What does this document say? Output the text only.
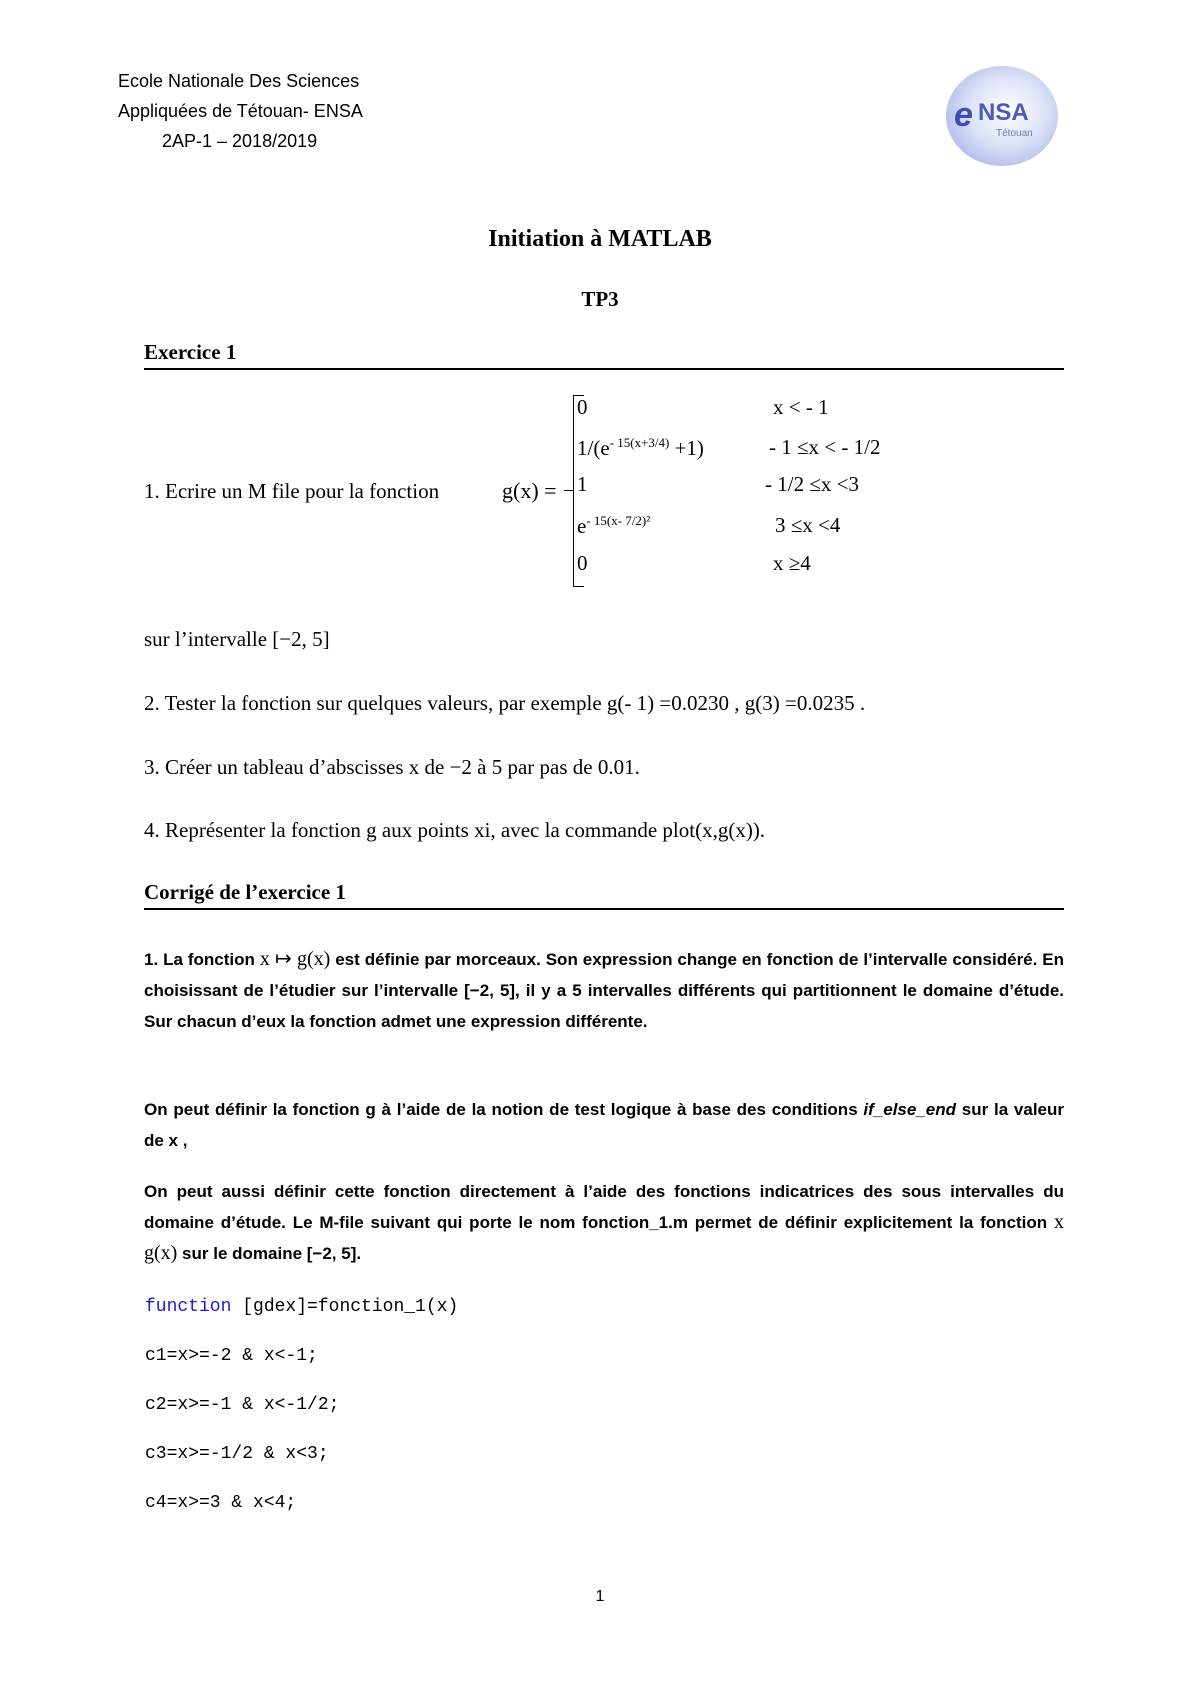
Ecole Nationale Des Sciences
Appliquées de Tétouan- ENSA
2AP-1 – 2018/2019
e NSA
Tétouan
Initiation à MATLAB
TP3
Exercice 1
1. Ecrire un M file pour la fonction	g(x) =
0	x < - 1
$1/(e^{- 15(x+3/4)} +1)$	- 1 ≤x < - 1/2
1	- 1/2 ≤x <3
$e^{- 15(x- 7/2)^2}$	3 ≤x <4
0	x ≥4
sur l’intervalle [−2, 5]
2. Tester la fonction sur quelques valeurs, par exemple g(- 1) =0.0230 , g(3) =0.0235 .
3. Créer un tableau d’abscisses x de −2 à 5 par pas de 0.01.
4. Représenter la fonction g aux points xi, avec la commande plot(x,g(x)).
Corrigé de l’exercice 1
1. La fonction x ↦ g(x) est définie par morceaux. Son expression change en fonction de l’intervalle considéré. En choisissant de l’étudier sur l’intervalle [−2, 5], il y a 5 intervalles différents qui partitionnent le domaine d’étude. Sur chacun d’eux la fonction admet une expression différente.
On peut définir la fonction g à l’aide de la notion de test logique à base des conditions if_else_end sur la valeur de x ,
On peut aussi définir cette fonction directement à l’aide des fonctions indicatrices des sous intervalles du domaine d’étude. Le M-file suivant qui porte le nom fonction_1.m permet de définir explicitement la fonction x g(x) sur le domaine [−2, 5].
function [gdex]=fonction_1(x)
c1=x>=-2 & x<-1;
c2=x>=-1 & x<-1/2;
c3=x>=-1/2 & x<3;
c4=x>=3 & x<4;
1
